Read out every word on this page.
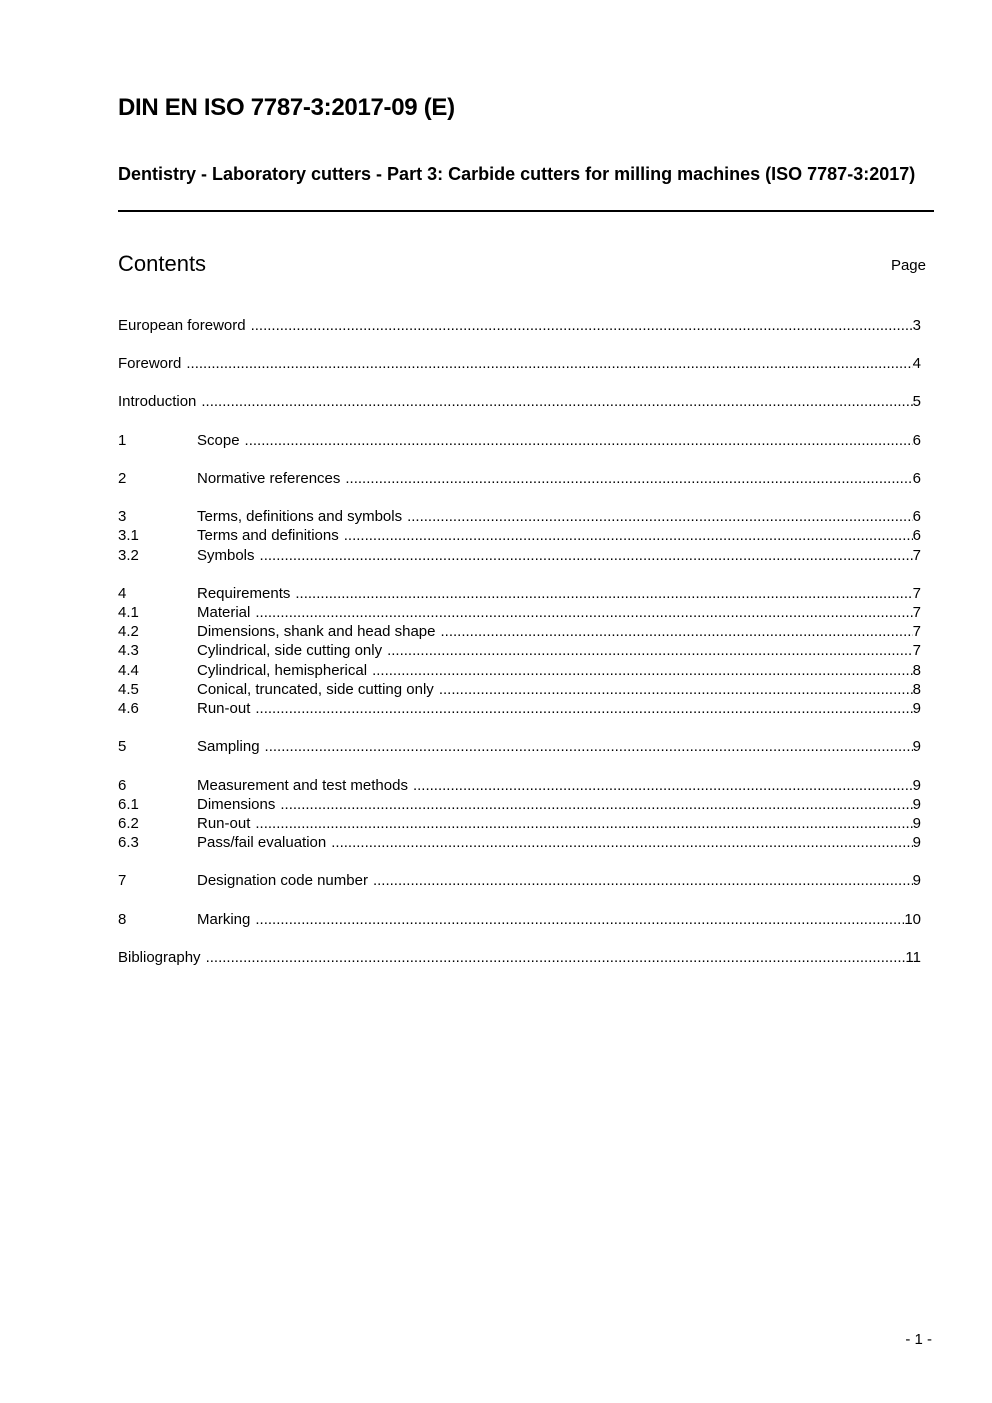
DIN EN ISO 7787-3:2017-09 (E)
Dentistry - Laboratory cutters - Part 3: Carbide cutters for milling machines (ISO 7787-3:2017)
Contents	Page
European foreword .....	3
Foreword .....	4
Introduction .....	5
1	Scope .....	6
2	Normative references .....	6
3	Terms, definitions and symbols .....	6
3.1	Terms and definitions .....	6
3.2	Symbols .....	7
4	Requirements .....	7
4.1	Material .....	7
4.2	Dimensions, shank and head shape .....	7
4.3	Cylindrical, side cutting only .....	7
4.4	Cylindrical, hemispherical .....	8
4.5	Conical, truncated, side cutting only .....	8
4.6	Run-out .....	9
5	Sampling .....	9
6	Measurement and test methods .....	9
6.1	Dimensions .....	9
6.2	Run-out .....	9
6.3	Pass/fail evaluation .....	9
7	Designation code number .....	9
8	Marking .....	10
Bibliography .....	11
- 1 -
